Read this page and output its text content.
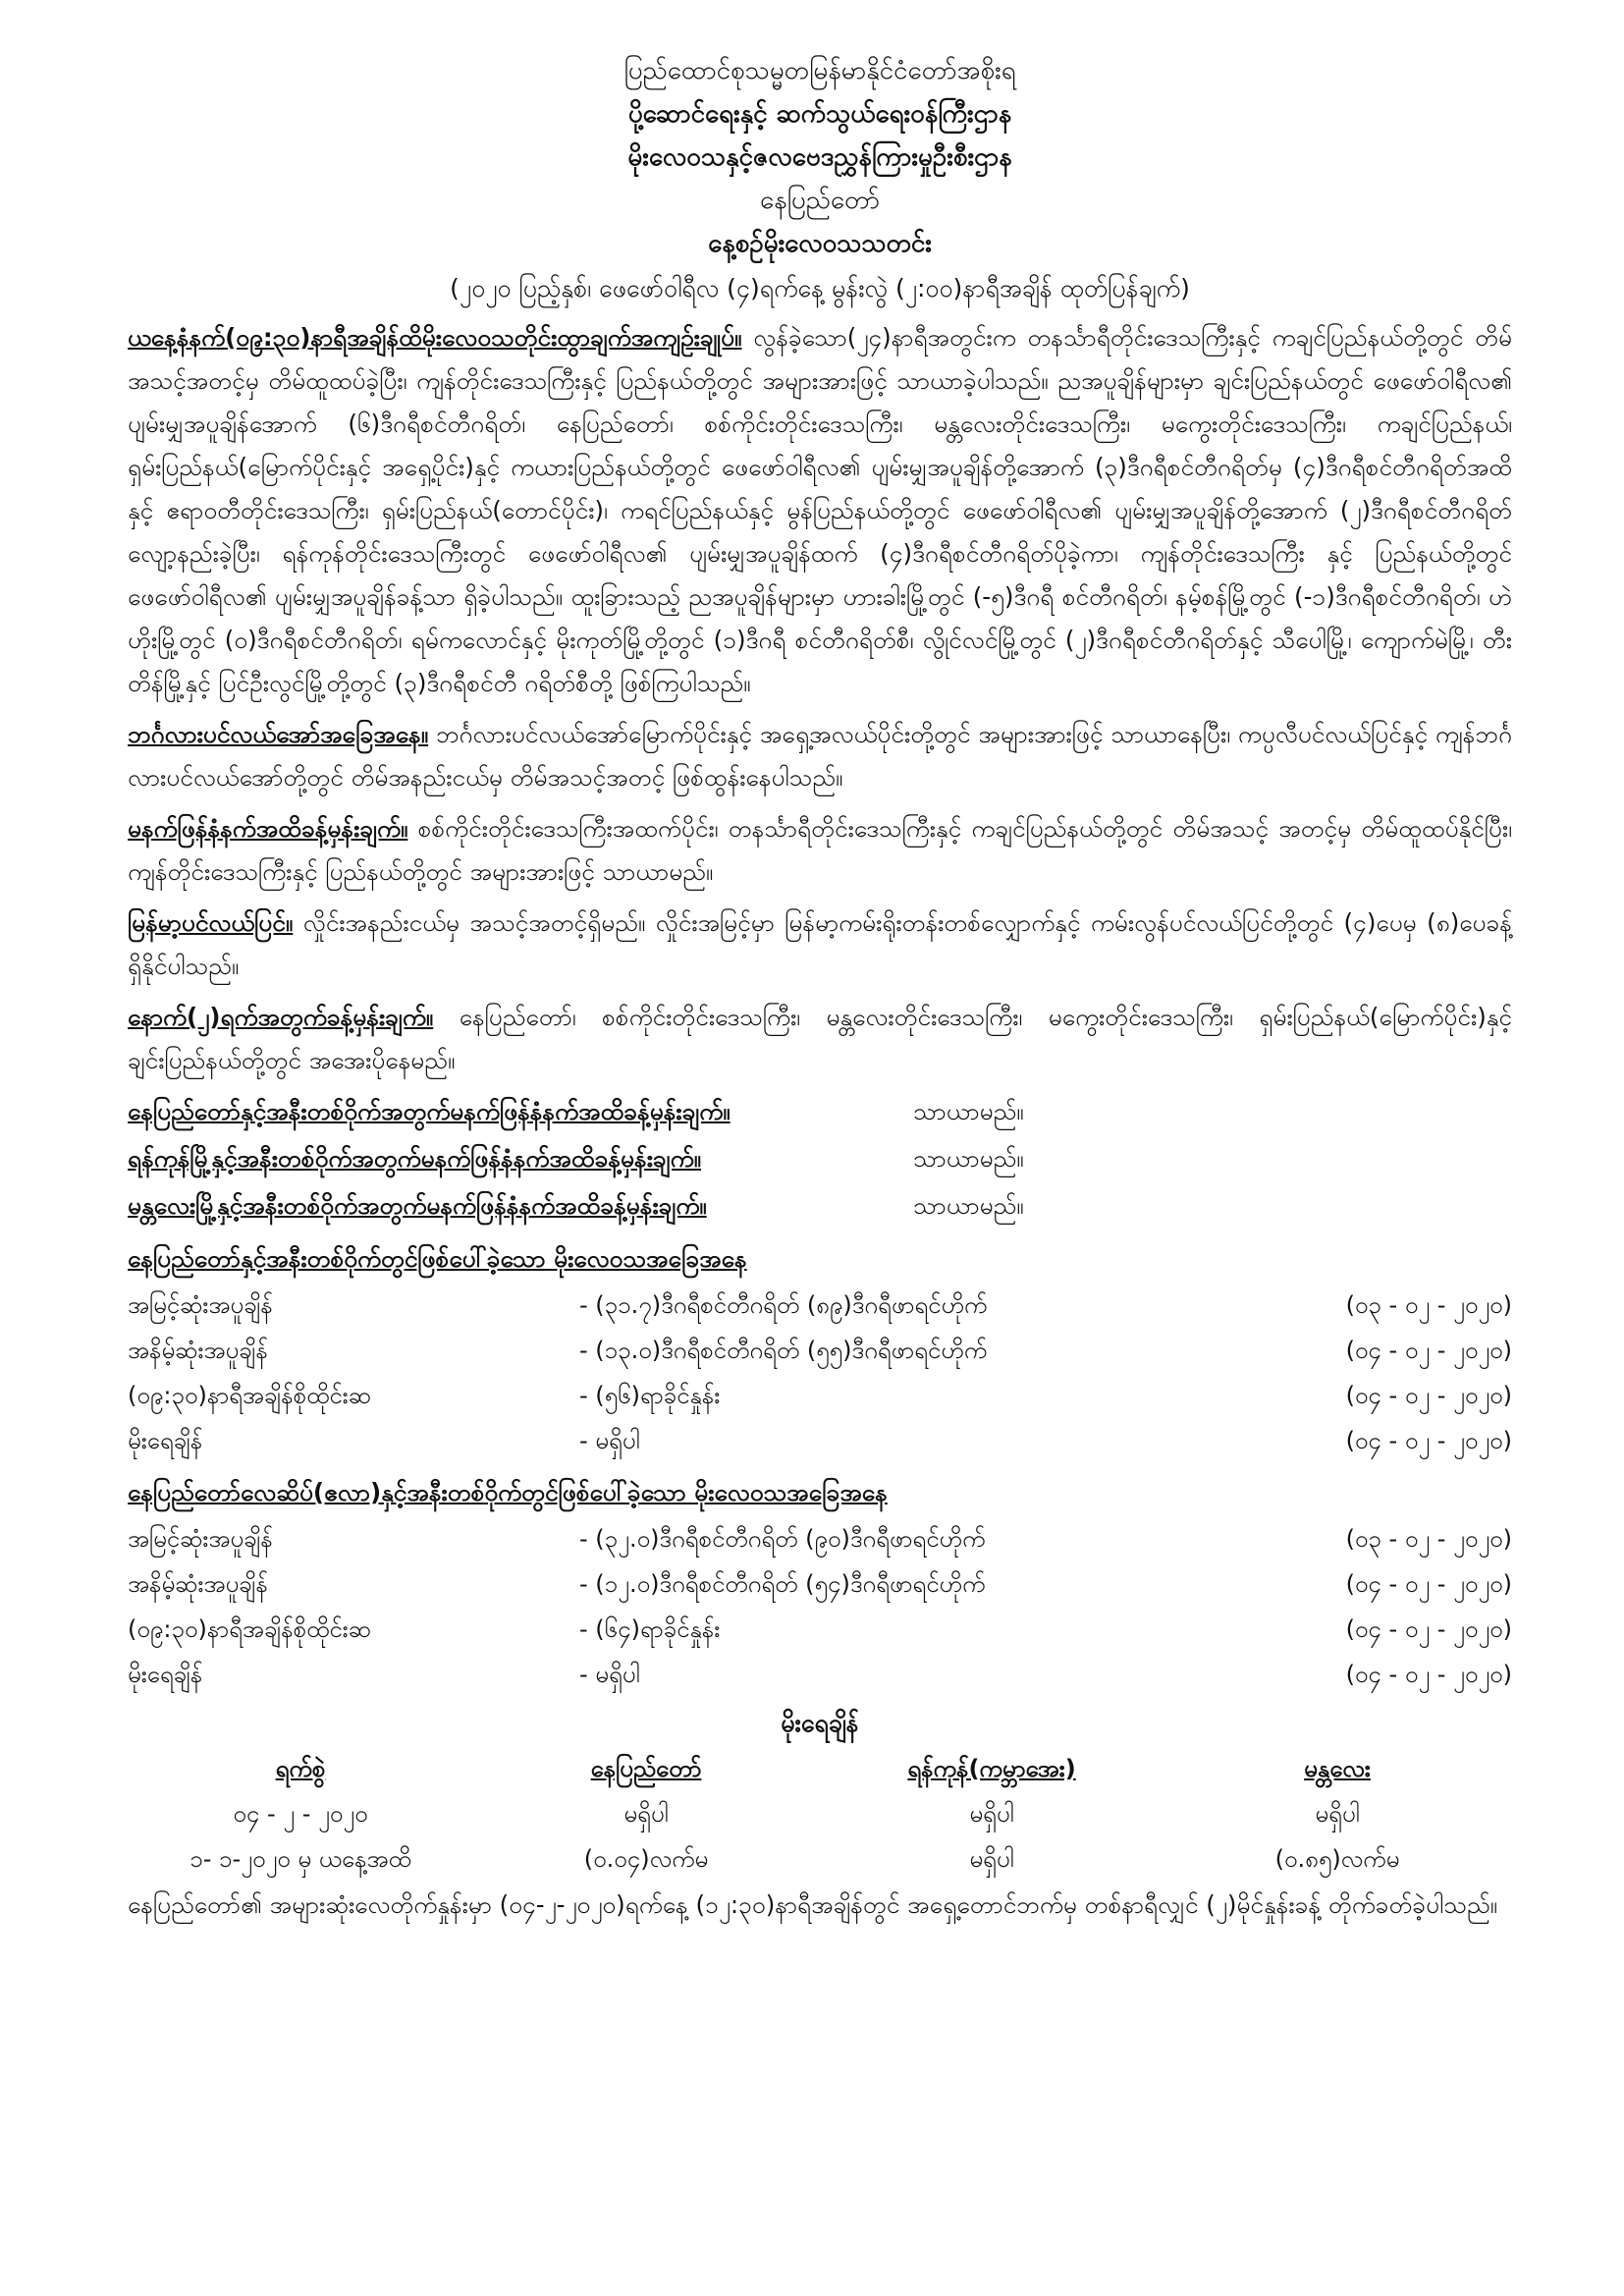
ပြည်ထောင်စုသမ္မတမြန်မာနိုင်ငံတော်အစိုးရ
ပို့ဆောင်ရေးနှင့် ဆက်သွယ်ရေးဝန်ကြီးဌာန
မိုးလေဝသနှင့်ဇလဗေဒညွှန်ကြားမှုဦးစီးဌာန
နေပြည်တော်
နေ့စဉ်မိုးလေဝသသတင်း
(၂၀၂၀ ပြည့်နှစ်၊ ဖေဖော်ဝါရီလ (၄)ရက်နေ့ မွန်းလွဲ (၂:၀၀)နာရီအချိန် ထုတ်ပြန်ချက်)
ယနေ့နံနက်(၀၉:၃၀)နာရီအချိန်ထိမိုးလေဝသတိုင်းထွာချက်အကျဉ်းချုပ်။ လွန်ခဲ့သော(၂၄)နာရီအတွင်းက တနင်္သာရီတိုင်းဒေသကြီးနှင့် ကချင်ပြည်နယ်တို့တွင် တိမ်အသင့်အတင့်မှ တိမ်ထူထပ်ခဲ့ပြီး၊ ကျန်တိုင်းဒေသကြီးနှင့် ပြည်နယ်တို့တွင် အများအားဖြင့် သာယာခဲ့ပါသည်။ ညအပူချိန်များမှာ ချင်းပြည်နယ်တွင် ဖေဖော်ဝါရီလ၏ ပျမ်းမျှအပူချိန်အောက် (၆)ဒီဂရီစင်တီဂရိတ်၊ နေပြည်တော်၊ စစ်ကိုင်းတိုင်းဒေသကြီး၊ မန္တလေးတိုင်းဒေသကြီး၊ မကွေးတိုင်းဒေသကြီး၊ ကချင်ပြည်နယ်၊ ရှမ်းပြည်နယ်(မြောက်ပိုင်းနှင့် အရှေ့ပိုင်း)နှင့် ကယားပြည်နယ်တို့တွင် ဖေဖော်ဝါရီလ၏ ပျမ်းမျှအပူချိန်တို့အောက် (၃)ဒီဂရီစင်တီဂရိတ်မှ (၄)ဒီဂရီစင်တီဂရိတ်အထိနှင့် ဧရာဝတီတိုင်းဒေသကြီး၊ ရှမ်းပြည်နယ်(တောင်ပိုင်း)၊ ကရင်ပြည်နယ်နှင့် မွန်ပြည်နယ်တို့တွင် ဖေဖော်ဝါရီလ၏ ပျမ်းမျှအပူချိန်တို့အောက် (၂)ဒီဂရီစင်တီဂရိတ် လျော့နည်းခဲ့ပြီး၊ ရန်ကုန်တိုင်းဒေသကြီးတွင် ဖေဖော်ဝါရီလ၏ ပျမ်းမျှအပူချိန်ထက် (၄)ဒီဂရီစင်တီဂရိတ်ပိုခဲ့ကာ၊ ကျန်တိုင်းဒေသကြီး နှင့် ပြည်နယ်တို့တွင် ဖေဖော်ဝါရီလ၏ ပျမ်းမျှအပူချိန်ခန့်သာ ရှိခဲ့ပါသည်။ ထူးခြားသည့် ညအပူချိန်များမှာ ဟားခါးမြို့တွင် (-၅)ဒီဂရီ စင်တီဂရိတ်၊ နမ့်စန်မြို့တွင် (-၁)ဒီဂရီစင်တီဂရိတ်၊ ဟဲဟိုးမြို့တွင် (၀)ဒီဂရီစင်တီဂရိတ်၊ ရမ်ကလောင်နှင့် မိုးကုတ်မြို့တို့တွင် (၁)ဒီဂရီ စင်တီဂရိတ်စီ၊ လွိုင်လင်မြို့တွင် (၂)ဒီဂရီစင်တီဂရိတ်နှင့် သီပေါမြို့၊ ကျောက်မဲမြို့၊ တီးတိန်မြို့နှင့် ပြင်ဦးလွင်မြို့တို့တွင် (၃)ဒီဂရီစင်တီ ဂရိတ်စီတို့ ဖြစ်ကြပါသည်။
ဘင်္ဂလားပင်လယ်အော်အခြေအနေ။ ဘင်္ဂလားပင်လယ်အော်မြောက်ပိုင်းနှင့် အရှေ့အလယ်ပိုင်းတို့တွင် အများအားဖြင့် သာယာနေပြီး၊ ကပ္ပလီပင်လယ်ပြင်နှင့် ကျန်ဘင်္ဂလားပင်လယ်အော်တို့တွင် တိမ်အနည်းငယ်မှ တိမ်အသင့်အတင့် ဖြစ်ထွန်းနေပါသည်။
မနက်ဖြန်နံနက်အထိခန့်မှန်းချက်။ စစ်ကိုင်းတိုင်းဒေသကြီးအထက်ပိုင်း၊ တနင်္သာရီတိုင်းဒေသကြီးနှင့် ကချင်ပြည်နယ်တို့တွင် တိမ်အသင့် အတင့်မှ တိမ်ထူထပ်နိုင်ပြီး၊ ကျန်တိုင်းဒေသကြီးနှင့် ပြည်နယ်တို့တွင် အများအားဖြင့် သာယာမည်။
မြန်မာ့ပင်လယ်ပြင်။ လှိုင်းအနည်းငယ်မှ အသင့်အတင့်ရှိမည်။ လှိုင်းအမြင့်မှာ မြန်မာ့ကမ်းရိုးတန်းတစ်လျှောက်နှင့် ကမ်းလွန်ပင်လယ်ပြင်တို့တွင် (၄)ပေမှ (၈)ပေခန့် ရှိနိုင်ပါသည်။
နောက်(၂)ရက်အတွက်ခန့်မှန်းချက်။ နေပြည်တော်၊ စစ်ကိုင်းတိုင်းဒေသကြီး၊ မန္တလေးတိုင်းဒေသကြီး၊ မကွေးတိုင်းဒေသကြီး၊ ရှမ်းပြည်နယ်(မြောက်ပိုင်း)နှင့် ချင်းပြည်နယ်တို့တွင် အအေးပိုနေမည်။
နေပြည်တော်နှင့်အနီးတစ်ဝိုက်အတွက်မနက်ဖြန်နံနက်အထိခန့်မှန်းချက်။	သာယာမည်။
ရန်ကုန်မြို့နှင့်အနီးတစ်ဝိုက်အတွက်မနက်ဖြန်နံနက်အထိခန့်မှန်းချက်။	သာယာမည်။
မန္တလေးမြို့နှင့်အနီးတစ်ဝိုက်အတွက်မနက်ဖြန်နံနက်အထိခန့်မှန်းချက်။	သာယာမည်။
နေပြည်တော်နှင့်အနီးတစ်ဝိုက်တွင်ဖြစ်ပေါ်ခဲ့သော မိုးလေဝသအခြေအနေ
အမြင့်ဆုံးအပူချိန်	- (၃၁.၇)ဒီဂရီစင်တီဂရိတ် (၈၉)ဒီဂရီဖာရင်ဟိုက်	(၀၃ - ၀၂ - ၂၀၂၀)
အနိမ့်ဆုံးအပူချိန်	- (၁၃.၀)ဒီဂရီစင်တီဂရိတ် (၅၅)ဒီဂရီဖာရင်ဟိုက်	(၀၄ - ၀၂ - ၂၀၂၀)
(၀၉:၃၀)နာရီအချိန်စိုထိုင်းဆ	- (၅၆)ရာခိုင်နှုန်း	(၀၄ - ၀၂ - ၂၀၂၀)
မိုးရေချိန်	- မရှိပါ	(၀၄ - ၀၂ - ၂၀၂၀)
နေပြည်တော်လေဆိပ်(ဧလာ)နှင့်အနီးတစ်ဝိုက်တွင်ဖြစ်ပေါ်ခဲ့သော မိုးလေဝသအခြေအနေ
အမြင့်ဆုံးအပူချိန်	- (၃၂.၀)ဒီဂရီစင်တီဂရိတ် (၉၀)ဒီဂရီဖာရင်ဟိုက်	(၀၃ - ၀၂ - ၂၀၂၀)
အနိမ့်ဆုံးအပူချိန်	- (၁၂.၀)ဒီဂရီစင်တီဂရိတ် (၅၄)ဒီဂရီဖာရင်ဟိုက်	(၀၄ - ၀၂ - ၂၀၂၀)
(၀၉:၃၀)နာရီအချိန်စိုထိုင်းဆ	- (၆၄)ရာခိုင်နှုန်း	(၀၄ - ၀၂ - ၂၀၂၀)
မိုးရေချိန်	- မရှိပါ	(၀၄ - ၀၂ - ၂၀၂၀)
မိုးရေချိန်
ရက်စွဲ	နေပြည်တော်	ရန်ကုန်(ကမ္ဘာအေး)	မန္တလေး
၀၄ - ၂ - ၂၀၂၀	မရှိပါ	မရှိပါ	မရှိပါ
၁- ၁-၂၀၂၀ မှ ယနေ့အထိ	(၀.၀၄)လက်မ	မရှိပါ	(၀.၈၅)လက်မ
နေပြည်တော်၏ အများဆုံးလေတိုက်နှုန်းမှာ (၀၄-၂-၂၀၂၀)ရက်နေ့ (၁၂:၃၀)နာရီအချိန်တွင် အရှေ့တောင်ဘက်မှ တစ်နာရီလျှင် (၂)မိုင်နှုန်းခန့် တိုက်ခတ်ခဲ့ပါသည်။
